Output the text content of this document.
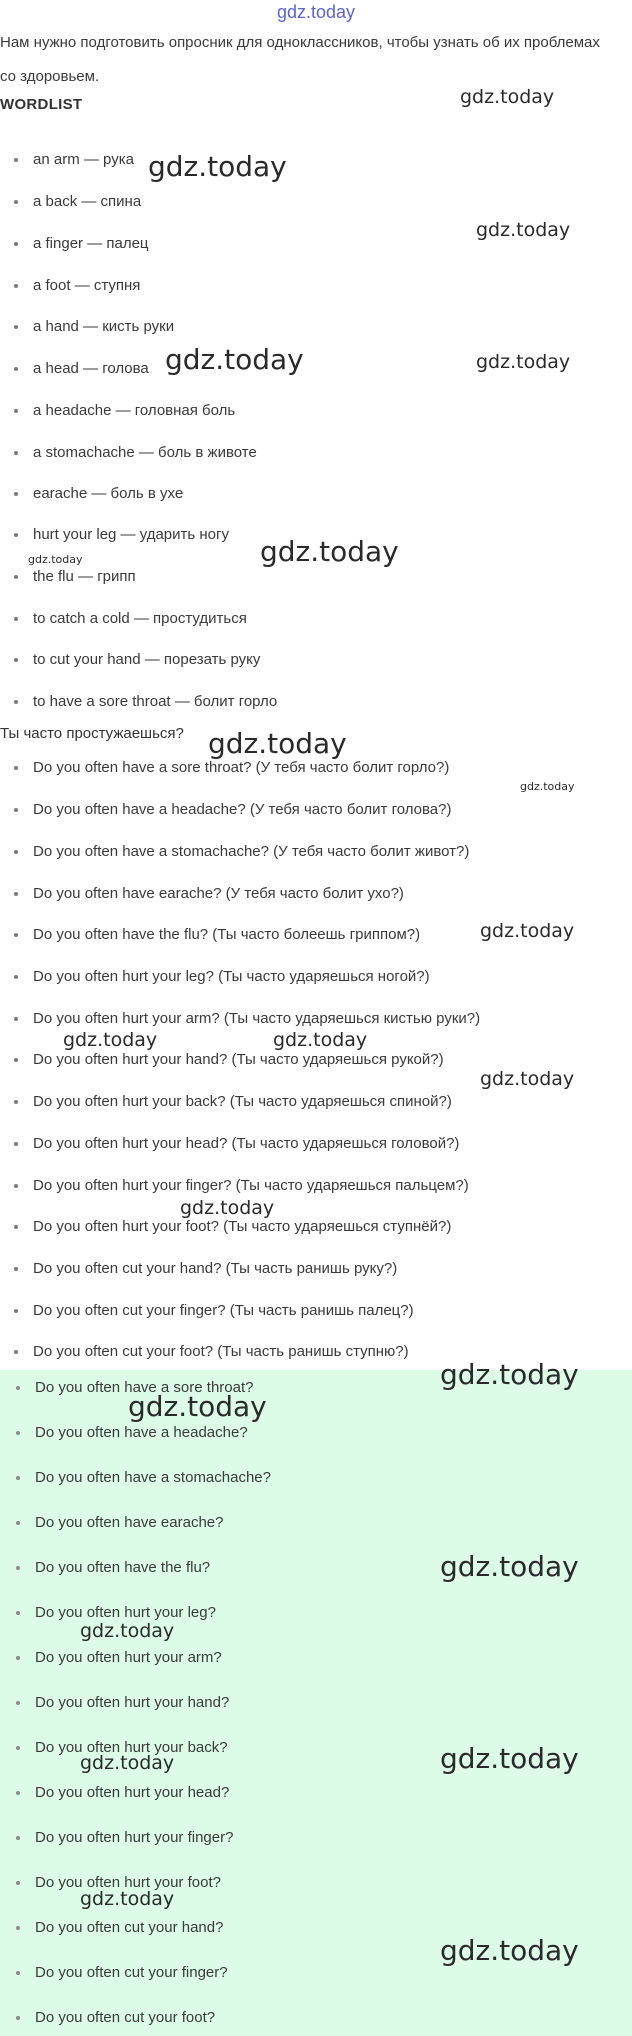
gdz.today
Нам нужно подготовить опросник для одноклассников, чтобы узнать об их проблемах со здоровьем.
WORDLIST
an arm — рука
a back — спина
a finger — палец
a foot — ступня
a hand — кисть руки
a head — голова
a headache — головная боль
a stomachache — боль в животе
earache — боль в ухе
hurt your leg — ударить ногу
the flu — грипп
to catch a cold — простудиться
to cut your hand — порезать руку
to have a sore throat — болит горло
Ты часто простужаешься?
Do you often have a sore throat? (У тебя часто болит горло?)
Do you often have a headache? (У тебя часто болит голова?)
Do you often have a stomachache? (У тебя часто болит живот?)
Do you often have earache? (У тебя часто болит ухо?)
Do you often have the flu? (Ты часто болеешь гриппом?)
Do you often hurt your leg? (Ты часто ударяешься ногой?)
Do you often hurt your arm? (Ты часто ударяешься кистью руки?)
Do you often hurt your hand? (Ты часто ударяешься рукой?)
Do you often hurt your back? (Ты часто ударяешься спиной?)
Do you often hurt your head? (Ты часто ударяешься головой?)
Do you often hurt your finger? (Ты часто ударяешься пальцем?)
Do you often hurt your foot? (Ты часто ударяешься ступнёй?)
Do you often cut your hand? (Ты часть ранишь руку?)
Do you often cut your finger? (Ты часть ранишь палец?)
Do you often cut your foot? (Ты часть ранишь ступню?)
Do you often have a sore throat?
Do you often have a headache?
Do you often have a stomachache?
Do you often have earache?
Do you often have the flu?
Do you often hurt your leg?
Do you often hurt your arm?
Do you often hurt your hand?
Do you often hurt your back?
Do you often hurt your head?
Do you often hurt your finger?
Do you often hurt your foot?
Do you often cut your hand?
Do you often cut your finger?
Do you often cut your foot?
gdz.today
gdz.today
gdz.today
gdz.today	gdz.today
gdz.today
gdz.today
gdz.today
gdz.today
gdz.today
gdz.today	gdz.today
gdz.today
gdz.today
gdz.today
gdz.today
gdz.today
gdz.today
gdz.today
gdz.today
gdz.today
gdz.today
